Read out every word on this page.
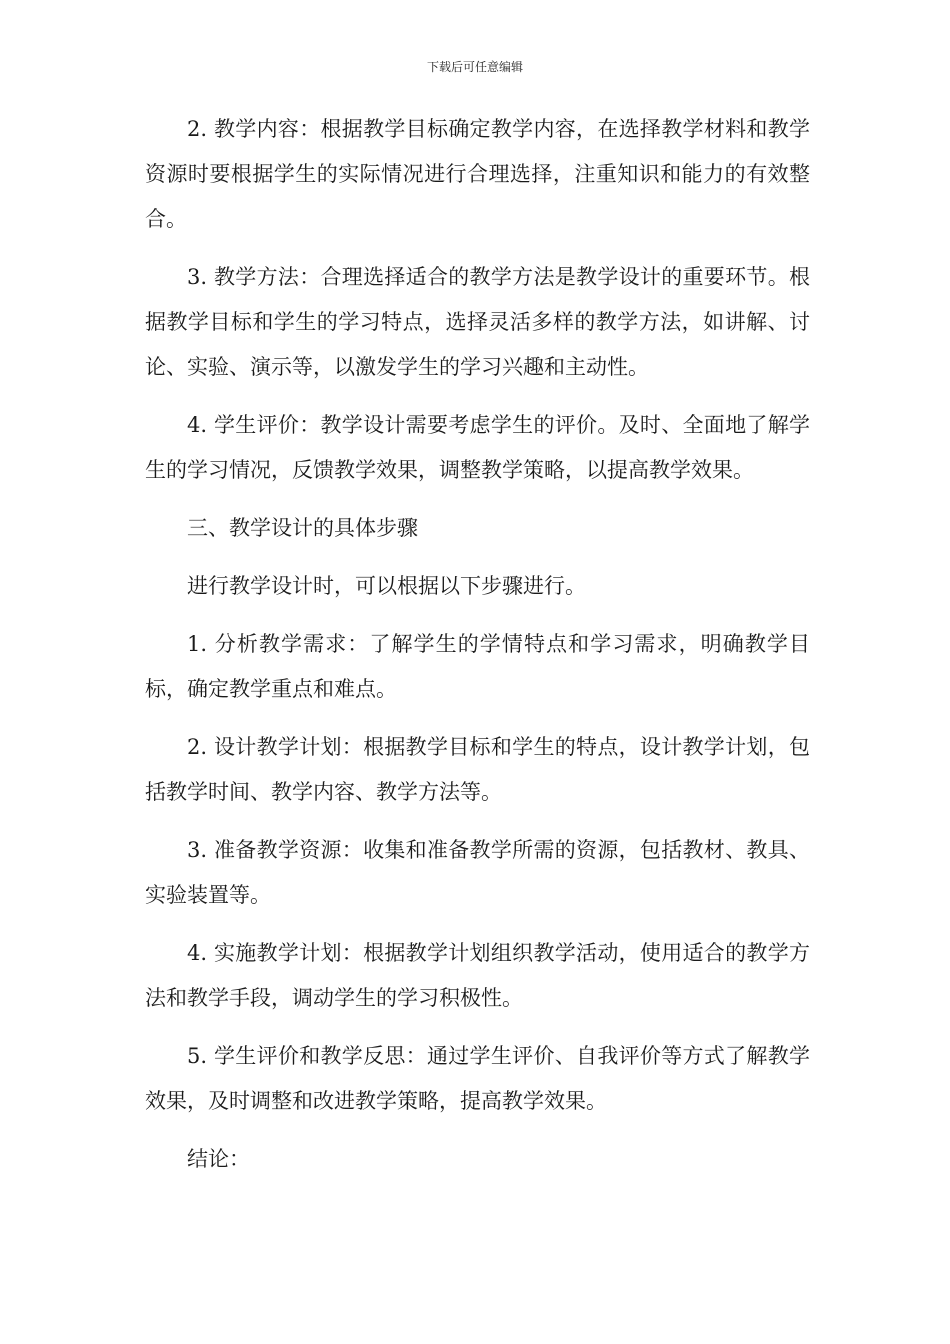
下载后可任意编辑

2. 教学内容：根据教学目标确定教学内容，在选择教学材料和教学资源时要根据学生的实际情况进行合理选择，注重知识和能力的有效整合。

3. 教学方法：合理选择适合的教学方法是教学设计的重要环节。根据教学目标和学生的学习特点，选择灵活多样的教学方法，如讲解、讨论、实验、演示等，以激发学生的学习兴趣和主动性。

4. 学生评价：教学设计需要考虑学生的评价。及时、全面地了解学生的学习情况，反馈教学效果，调整教学策略，以提高教学效果。

三、教学设计的具体步骤

进行教学设计时，可以根据以下步骤进行。

1. 分析教学需求：了解学生的学情特点和学习需求，明确教学目标，确定教学重点和难点。

2. 设计教学计划：根据教学目标和学生的特点，设计教学计划，包括教学时间、教学内容、教学方法等。

3. 准备教学资源：收集和准备教学所需的资源，包括教材、教具、实验装置等。

4. 实施教学计划：根据教学计划组织教学活动，使用适合的教学方法和教学手段，调动学生的学习积极性。

5. 学生评价和教学反思：通过学生评价、自我评价等方式了解教学效果，及时调整和改进教学策略，提高教学效果。

结论：
